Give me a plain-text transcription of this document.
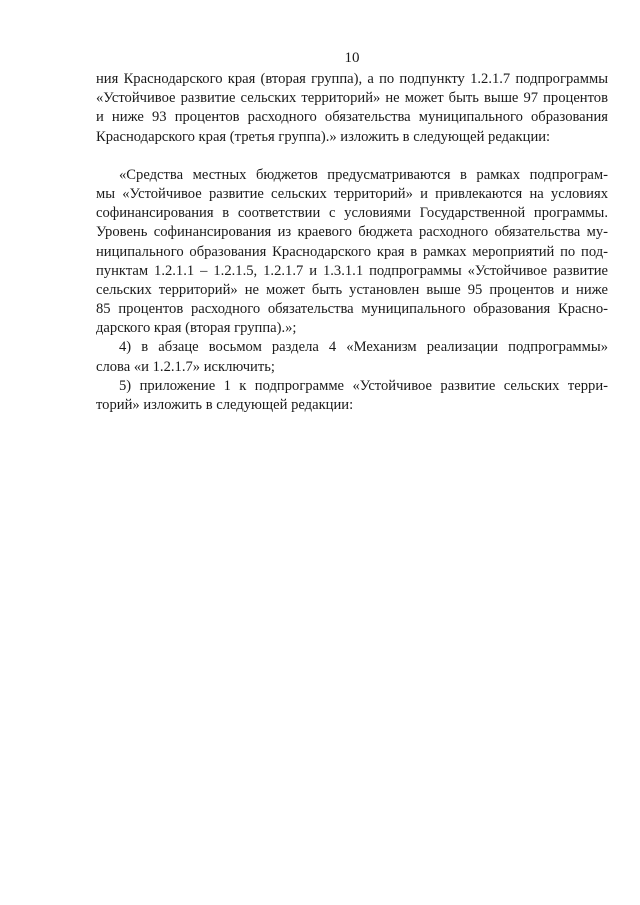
10
ния Краснодарского края (вторая группа), а по подпункту 1.2.1.7 подпрограммы
«Устойчивое развитие сельских территорий» не может быть выше 97 процентов
и ниже 93 процентов расходного обязательства муниципального образования
Краснодарского края (третья группа).» изложить в следующей редакции:
«Средства местных бюджетов предусматриваются в рамках подпрограм-
мы «Устойчивое развитие сельских территорий» и привлекаются на условиях
софинансирования в соответствии с условиями Государственной программы.
Уровень софинансирования из краевого бюджета расходного обязательства му-
ниципального образования Краснодарского края в рамках мероприятий по под-
пунктам 1.2.1.1 – 1.2.1.5, 1.2.1.7 и 1.3.1.1 подпрограммы «Устойчивое развитие
сельских территорий» не может быть установлен выше 95 процентов и ниже
85 процентов расходного обязательства муниципального образования Красно-
дарского края (вторая группа).»;
4) в абзаце восьмом раздела 4 «Механизм реализации подпрограммы»
слова «и 1.2.1.7» исключить;
5) приложение 1 к подпрограмме «Устойчивое развитие сельских терри-
торий» изложить в следующей редакции:
